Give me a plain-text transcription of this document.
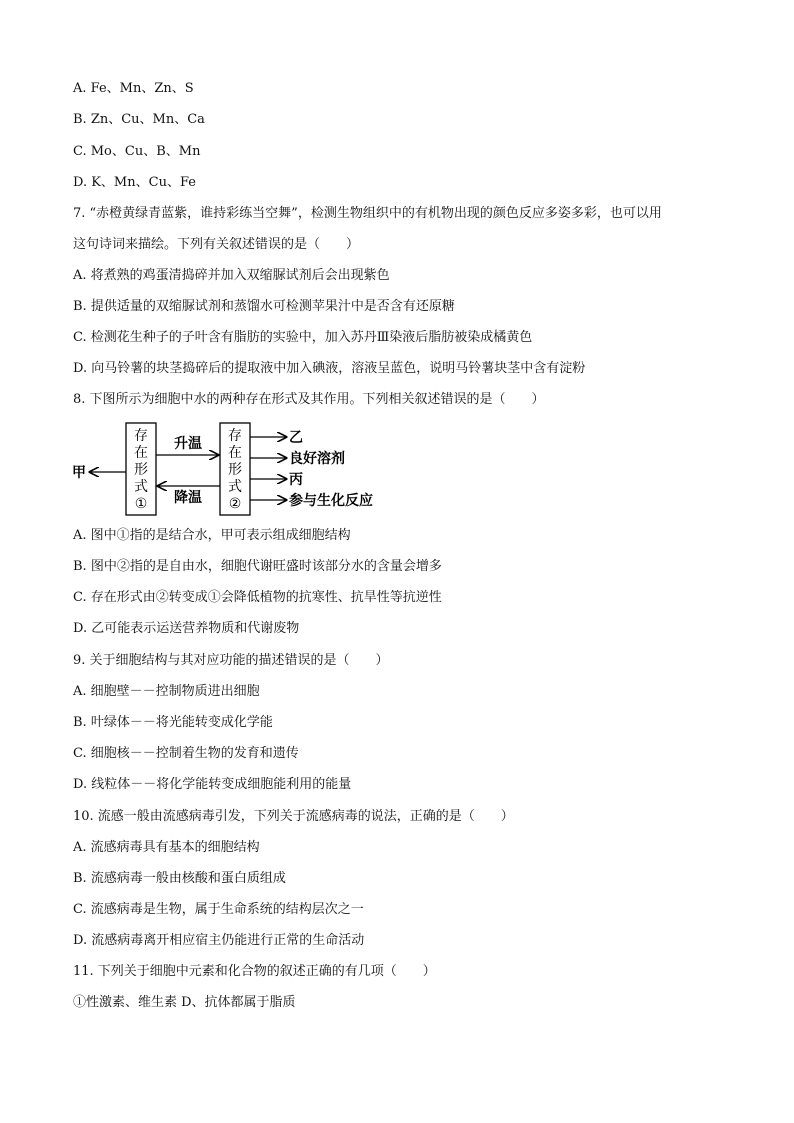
A. Fe、Mn、Zn、S
B. Zn、Cu、Mn、Ca
C. Mo、Cu、B、Mn
D. K、Mn、Cu、Fe
7. “赤橙黄绿青蓝紫，谁持彩练当空舞”，检测生物组织中的有机物出现的颜色反应多姿多彩，也可以用
这句诗词来描绘。下列有关叙述错误的是（　　）
A. 将煮熟的鸡蛋清捣碎并加入双缩脲试剂后会出现紫色
B. 提供适量的双缩脲试剂和蒸馏水可检测苹果汁中是否含有还原糖
C. 检测花生种子的子叶含有脂肪的实验中，加入苏丹Ⅲ染液后脂肪被染成橘黄色
D. 向马铃薯的块茎捣碎后的提取液中加入碘液，溶液呈蓝色，说明马铃薯块茎中含有淀粉
8. 下图所示为细胞中水的两种存在形式及其作用。下列相关叙述错误的是（　　）
存
在
形
式
①
存
在
形
式
②
甲
升温
降温
乙
良好溶剂
丙
参与生化反应
A. 图中①指的是结合水，甲可表示组成细胞结构
B. 图中②指的是自由水，细胞代谢旺盛时该部分水的含量会增多
C. 存在形式由②转变成①会降低植物的抗寒性、抗旱性等抗逆性
D. 乙可能表示运送营养物质和代谢废物
9. 关于细胞结构与其对应功能的描述错误的是（　　）
A. 细胞壁－－控制物质进出细胞
B. 叶绿体－－将光能转变成化学能
C. 细胞核－－控制着生物的发育和遗传
D. 线粒体－－将化学能转变成细胞能利用的能量
10. 流感一般由流感病毒引发，下列关于流感病毒的说法，正确的是（　　）
A. 流感病毒具有基本的细胞结构
B. 流感病毒一般由核酸和蛋白质组成
C. 流感病毒是生物，属于生命系统的结构层次之一
D. 流感病毒离开相应宿主仍能进行正常的生命活动
11. 下列关于细胞中元素和化合物的叙述正确的有几项（　　）
①性激素、维生素 D、抗体都属于脂质
